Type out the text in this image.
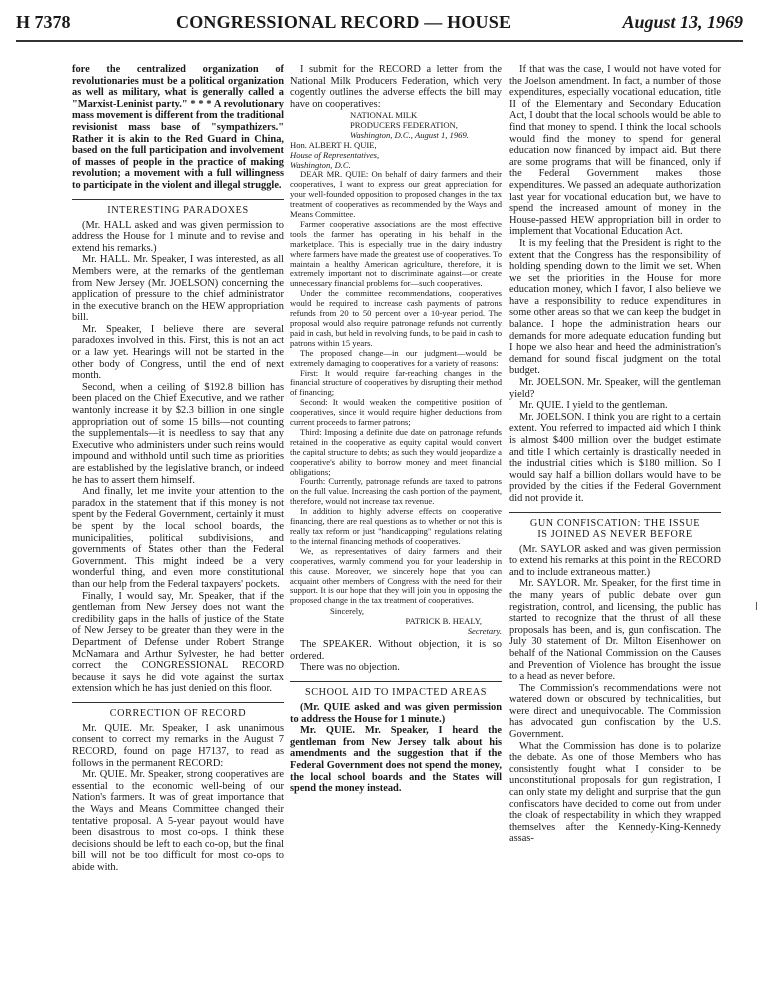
H 7378	CONGRESSIONAL RECORD — HOUSE	August 13, 1969

fore the centralized organization of revolutionaries must be a political organization as well as military, what is generally called a "Marxist-Leninist party." * * * A revolutionary mass movement is different from the traditional revisionist mass base of "sympathizers." Rather it is akin to the Red Guard in China, based on the full participation and involvement of masses of people in the practice of making revolution; a movement with a full willingness to participate in the violent and illegal struggle.

INTERESTING PARADOXES

(Mr. HALL asked and was given permission to address the House for 1 minute and to revise and extend his remarks.)

Mr. HALL. Mr. Speaker, I was interested, as all Members were, at the remarks of the gentleman from New Jersey (Mr. JOELSON) concerning the application of pressure to the chief administrator in the executive branch on the HEW appropriation bill.

Mr. Speaker, I believe there are several paradoxes involved in this. First, this is not an act or a law yet. Hearings will not be started in the other body of Congress, until the end of next month.

Second, when a ceiling of $192.8 billion has been placed on the Chief Executive, and we rather wantonly increase it by $2.3 billion in one single appropriation out of some 15 bills—not counting the supplementals—it is needless to say that any Executive who administers under such reins would impound and withhold until such time as priorities are established by the legislative branch, or indeed he has to assert them himself.

And finally, let me invite your attention to the paradox in the statement that if this money is not spent by the Federal Government, certainly it must be spent by the local school boards, the municipalities, political subdivisions, and governments of States other than the Federal Government. This might indeed be a very wonderful thing, and even more constitutional than our help from the Federal taxpayers' pockets.

Finally, I would say, Mr. Speaker, that if the gentleman from New Jersey does not want the credibility gaps in the halls of justice of the State of New Jersey to be greater than they were in the Department of Defense under Robert Strange McNamara and Arthur Sylvester, he had better correct the CONGRESSIONAL RECORD because it says he did vote against the surtax extension which he has just denied on this floor.

CORRECTION OF RECORD

Mr. QUIE. Mr. Speaker, I ask unanimous consent to correct my remarks in the August 7 RECORD, found on page H7137, to read as follows in the permanent RECORD:

Mr. QUIE. Mr. Speaker, strong cooperatives are essential to the economic well-being of our Nation's farmers. It was of great importance that the Ways and Means Committee changed their tentative proposal. A 5-year payout would have been disastrous to most co-ops. I think these decisions should be left to each co-op, but the final bill will not be too difficult for most co-ops to abide with.

I submit for the RECORD a letter from the National Milk Producers Federation, which very cogently outlines the adverse effects the bill may have on cooperatives:

NATIONAL MILK
PRODUCERS FEDERATION,
Washington, D.C., August 1, 1969.
Hon. ALBERT H. QUIE,
House of Representatives,
Washington, D.C.

DEAR MR. QUIE: On behalf of dairy farmers and their cooperatives, I want to express our great appreciation for your well-founded opposition to proposed changes in the tax treatment of cooperatives as recommended by the Ways and Means Committee.

Farmer cooperative associations are the most effective tools the farmer has operating in his behalf in the marketplace. This is especially true in the dairy industry where farmers have made the greatest use of cooperatives. To maintain a healthy American agriculture, therefore, it is extremely important not to discriminate against—or create unnecessary financial problems for—such cooperatives.

Under the committee recommendations, cooperatives would be required to increase cash payments of patrons refunds from 20 to 50 percent over a 10-year period. The proposal would also require patronage refunds not currently paid in cash, but held in revolving funds, to be paid in cash to patrons within 15 years.

The proposed change—in our judgment—would be extremely damaging to cooperatives for a variety of reasons:

First: It would require far-reaching changes in the financial structure of cooperatives by disrupting their method of financing;

Second: It would weaken the competitive position of cooperatives, since it would require higher deductions from current proceeds to farmer patrons;

Third: Imposing a definite due date on patronage refunds retained in the cooperative as equity capital would convert the capital structure to debts; as such they would jeopardize a cooperative's ability to borrow money and meet financial obligations;

Fourth: Currently, patronage refunds are taxed to patrons on the full value. Increasing the cash portion of the payment, therefore, would not increase tax revenue.

In addition to highly adverse effects on cooperative financing, there are real questions as to whether or not this is really tax reform or just "handicapping" regulations relating to the internal financing methods of cooperatives.

We, as representatives of dairy farmers and their cooperatives, warmly commend you for your leadership in this cause. Moreover, we sincerely hope that you can acquaint other members of Congress with the need for their support. It is our hope that they will join you in opposing the proposed change in the tax treatment of cooperatives.

Sincerely,
PATRICK B. HEALY,
Secretary.

The SPEAKER. Without objection, it is so ordered.

There was no objection.

SCHOOL AID TO IMPACTED AREAS

(Mr. QUIE asked and was given permission to address the House for 1 minute.)

Mr. QUIE. Mr. Speaker, I heard the gentleman from New Jersey talk about his amendments and the suggestion that if the Federal Government does not spend the money, the local school boards and the States will spend the money instead.

If that was the case, I would not have voted for the Joelson amendment. In fact, a number of those expenditures, especially vocational education, title II of the Elementary and Secondary Education Act, I doubt that the local schools would be able to find that money to spend. I think the local schools would find the money to spend for general education now financed by impact aid. But there are some programs that will be financed, only if the Federal Government makes those expenditures. We passed an adequate authorization last year for vocational education but, we have to spend the increased amount of money in the House-passed HEW appropriation bill in order to implement that Vocational Education Act.

It is my feeling that the President is right to the extent that the Congress has the responsibility of holding spending down to the limit we set. When we set the priorities in the House for more education money, which I favor, I also believe we have a responsibility to reduce expenditures in some other areas so that we can keep the budget in balance. I hope the administration hears our demands for more adequate education funding but I hope we also hear and heed the administration's demand for sound fiscal judgment on the total budget.

Mr. JOELSON. Mr. Speaker, will the gentleman yield?

Mr. QUIE. I yield to the gentleman.

Mr. JOELSON. I think you are right to a certain extent. You referred to impacted aid which I think is almost $400 million over the budget estimate and title I which certainly is drastically needed in the industrial cities which is $180 million. So I would say half a billion dollars would have to be provided by the cities if the Federal Government did not provide it.

GUN CONFISCATION: THE ISSUE
IS JOINED AS NEVER BEFORE

(Mr. SAYLOR asked and was given permission to extend his remarks at this point in the RECORD and to include extraneous matter.)

Mr. SAYLOR. Mr. Speaker, for the first time in the many years of public debate over gun registration, control, and licensing, the public has started to recognize that the thrust of all these proposals has been, and is, gun confiscation. The July 30 statement of Dr. Milton Eisenhower on behalf of the National Commission on the Causes and Prevention of Violence has brought the issue to a head as never before.

The Commission's recommendations were not watered down or obscured by technicalities, but were direct and unequivocable. The Commission has advocated gun confiscation by the U.S. Government.

What the Commission has done is to polarize the debate. As one of those Members who has consistently fought what I consider to be unconstitutional proposals for gun registration, I can only state my delight and surprise that the gun confiscators have decided to come out from under the cloak of respectability in which they wrapped themselves after the Kennedy-King-Kennedy assas-
